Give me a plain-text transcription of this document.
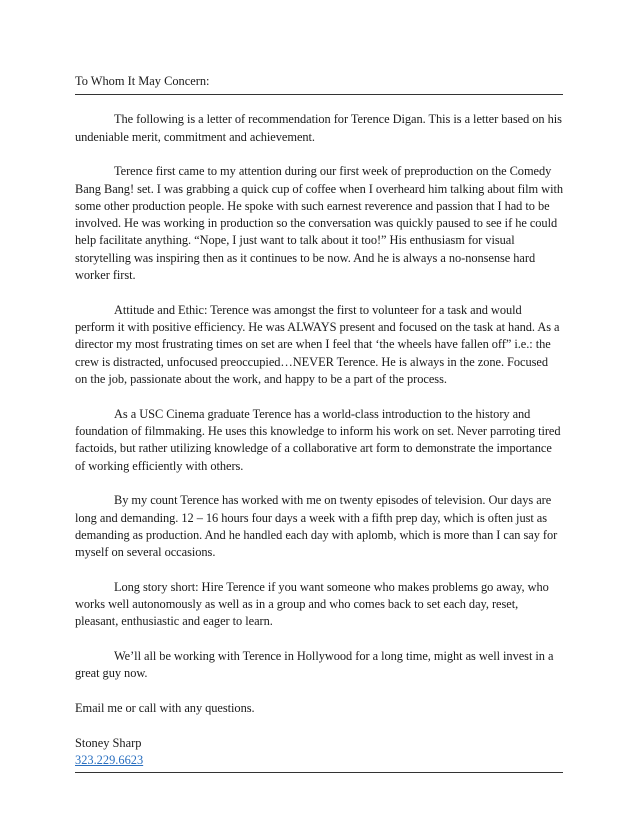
To Whom It May Concern:

The following is a letter of recommendation for Terence Digan. This is a letter based on his undeniable merit, commitment and achievement.

Terence first came to my attention during our first week of preproduction on the Comedy Bang Bang! set. I was grabbing a quick cup of coffee when I overheard him talking about film with some other production people. He spoke with such earnest reverence and passion that I had to be involved. He was working in production so the conversation was quickly paused to see if he could help facilitate anything. “Nope, I just want to talk about it too!” His enthusiasm for visual storytelling was inspiring then as it continues to be now. And he is always a no-nonsense hard worker first.

Attitude and Ethic: Terence was amongst the first to volunteer for a task and would perform it with positive efficiency. He was ALWAYS present and focused on the task at hand. As a director my most frustrating times on set are when I feel that ‘the wheels have fallen off” i.e.: the crew is distracted, unfocused preoccupied…NEVER Terence. He is always in the zone. Focused on the job, passionate about the work, and happy to be a part of the process.

As a USC Cinema graduate Terence has a world-class introduction to the history and foundation of filmmaking. He uses this knowledge to inform his work on set. Never parroting tired factoids, but rather utilizing knowledge of a collaborative art form to demonstrate the importance of working efficiently with others.

By my count Terence has worked with me on twenty episodes of television. Our days are long and demanding. 12 – 16 hours four days a week with a fifth prep day, which is often just as demanding as production. And he handled each day with aplomb, which is more than I can say for myself on several occasions.

Long story short: Hire Terence if you want someone who makes problems go away, who works well autonomously as well as in a group and who comes back to set each day, reset, pleasant, enthusiastic and eager to learn.

We’ll all be working with Terence in Hollywood for a long time, might as well invest in a great guy now.

Email me or call with any questions.

Stoney Sharp
323.229.6623
